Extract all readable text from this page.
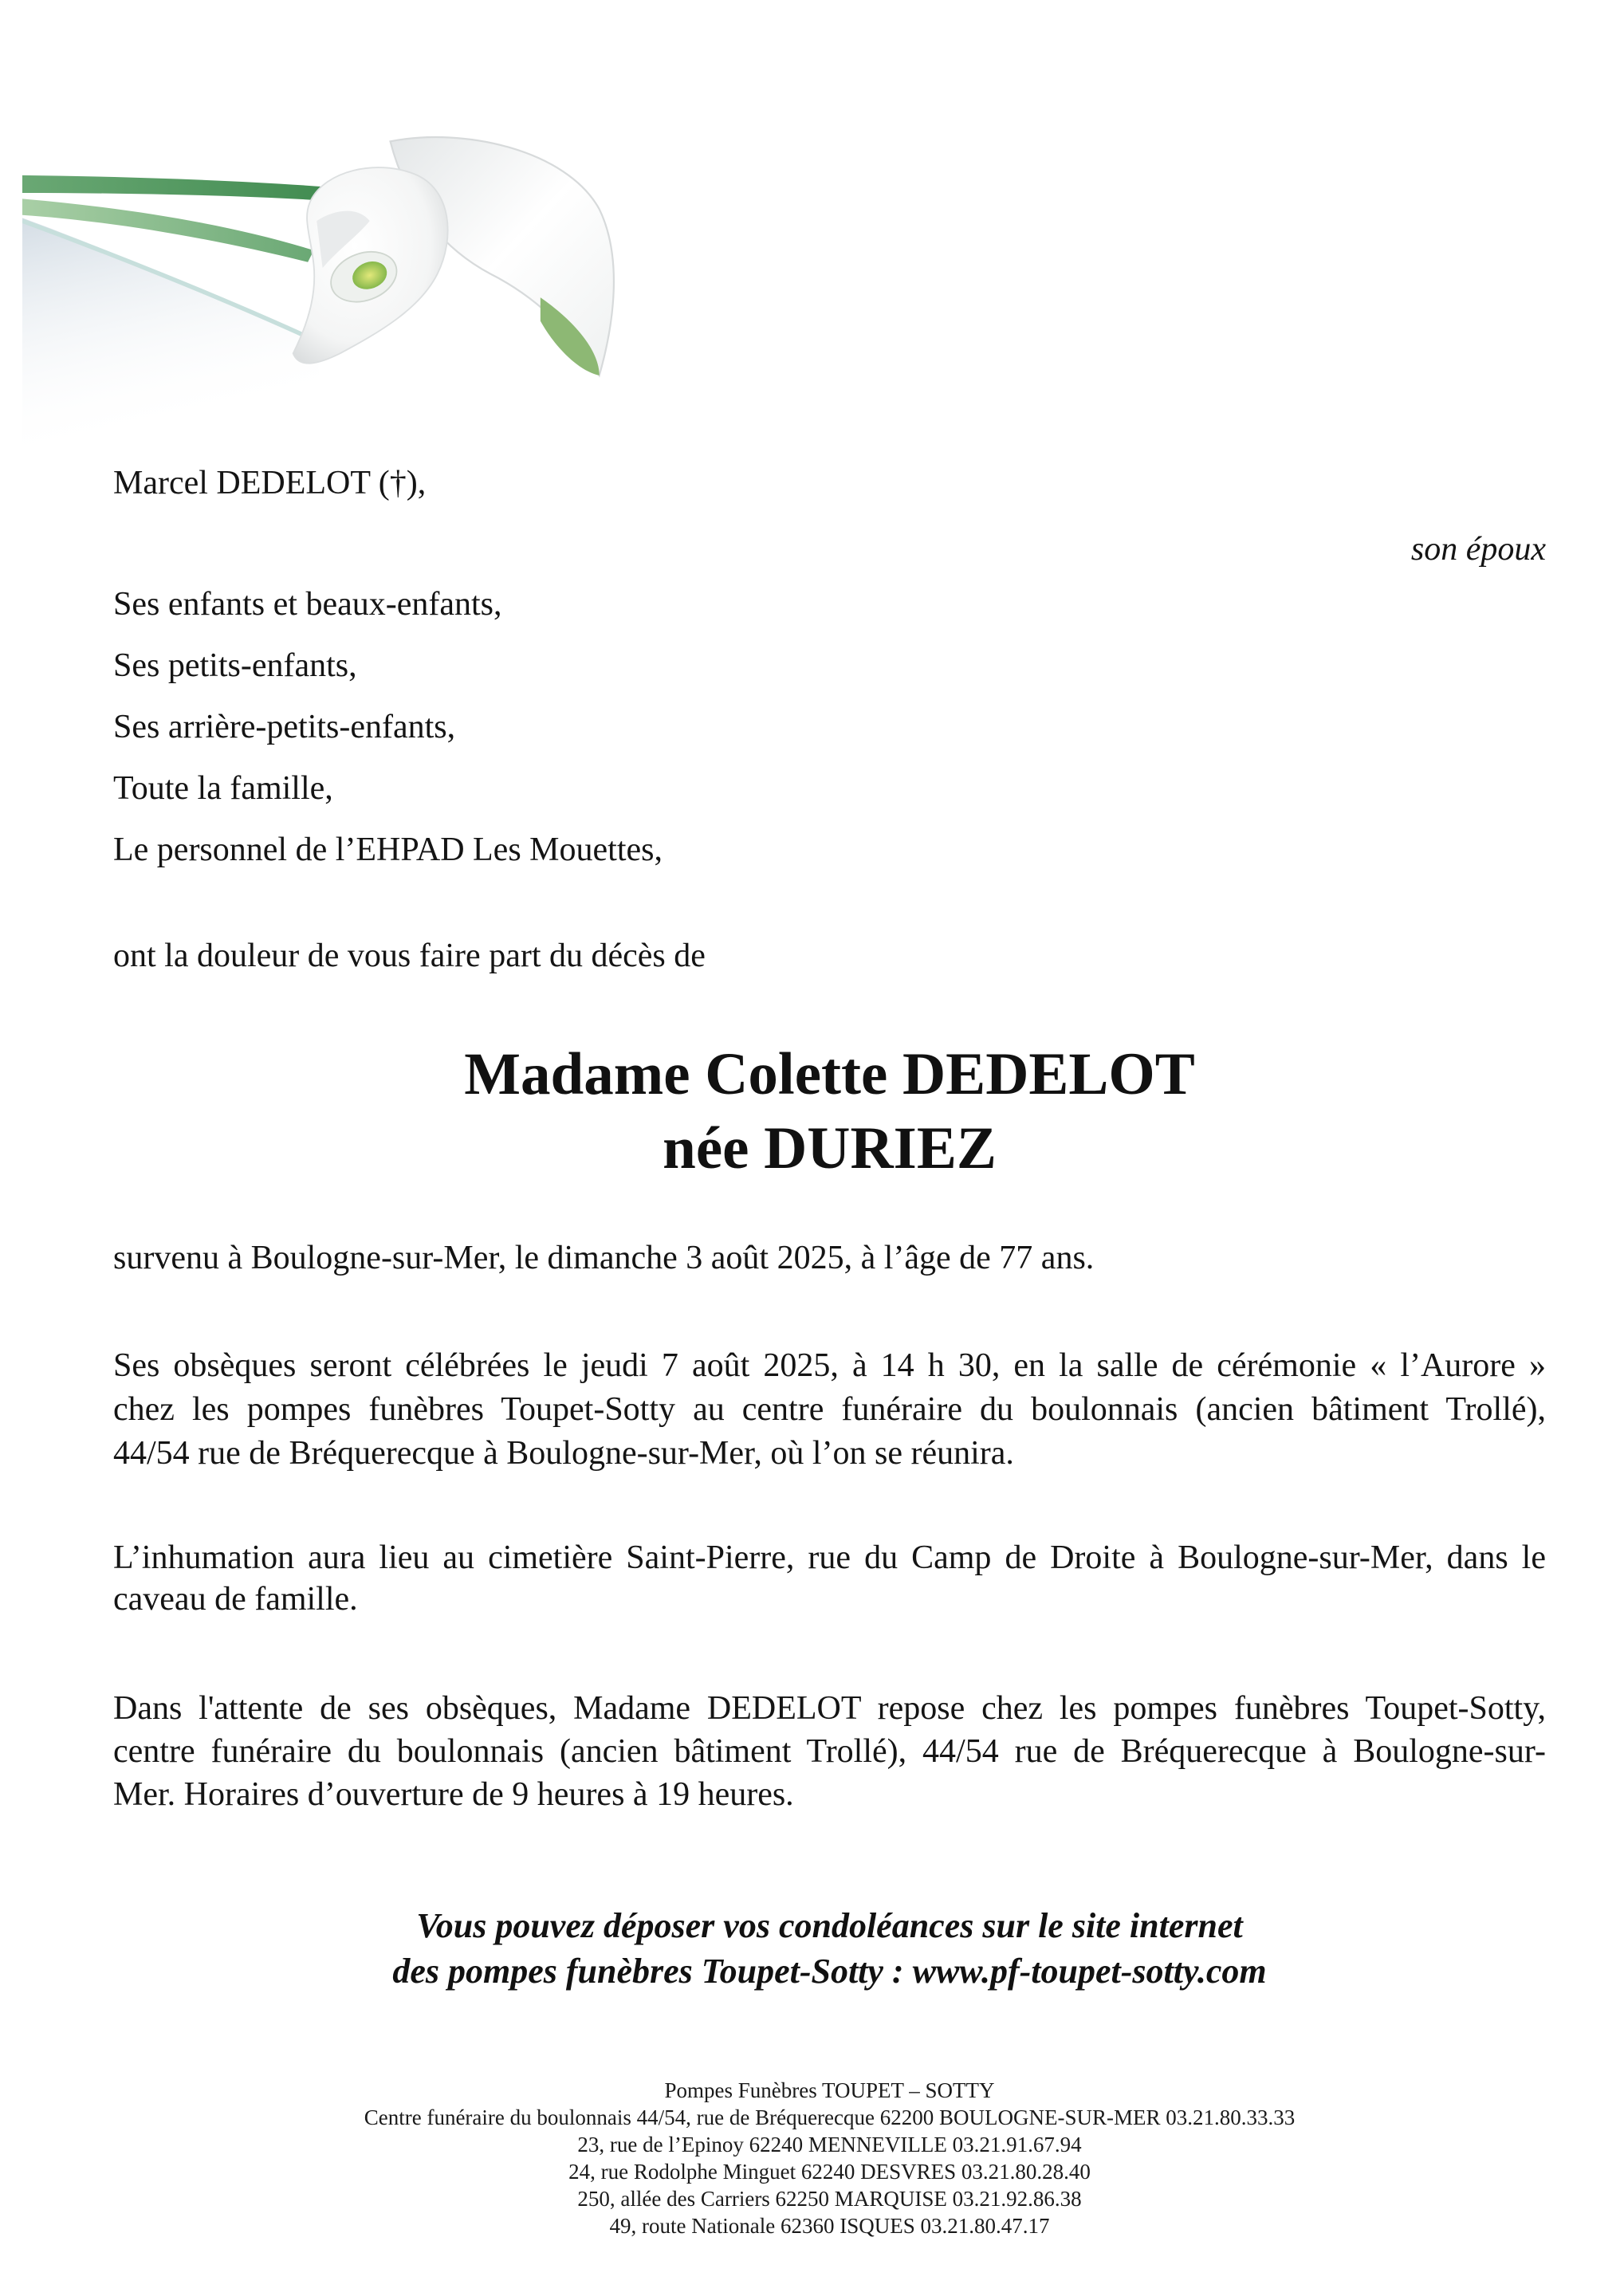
Marcel DEDELOT (†),
son époux
Ses enfants et beaux-enfants,
Ses petits-enfants,
Ses arrière-petits-enfants,
Toute la famille,
Le personnel de l’EHPAD Les Mouettes,
ont la douleur de vous faire part du décès de
Madame Colette DEDELOT
née DURIEZ
survenu à Boulogne-sur-Mer, le dimanche 3 août 2025, à l’âge de 77 ans.
Ses obsèques seront célébrées le jeudi 7 août 2025, à 14 h 30, en la salle de cérémonie « l’Aurore »
chez les pompes funèbres Toupet-Sotty au centre funéraire du boulonnais (ancien bâtiment Trollé),
44/54 rue de Bréquerecque à Boulogne-sur-Mer, où l’on se réunira.
L’inhumation aura lieu au cimetière Saint-Pierre, rue du Camp de Droite à Boulogne-sur-Mer, dans le
caveau de famille.
Dans l'attente de ses obsèques, Madame DEDELOT repose chez les pompes funèbres Toupet-Sotty,
centre funéraire du boulonnais (ancien bâtiment Trollé), 44/54 rue de Bréquerecque à Boulogne-sur-
Mer. Horaires d’ouverture de 9 heures à 19 heures.
Vous pouvez déposer vos condoléances sur le site internet
des pompes funèbres Toupet-Sotty : www.pf-toupet-sotty.com
Pompes Funèbres TOUPET – SOTTY
Centre funéraire du boulonnais 44/54, rue de Bréquerecque 62200 BOULOGNE-SUR-MER 03.21.80.33.33
23, rue de l’Epinoy 62240 MENNEVILLE 03.21.91.67.94
24, rue Rodolphe Minguet 62240 DESVRES 03.21.80.28.40
250, allée des Carriers 62250 MARQUISE 03.21.92.86.38
49, route Nationale 62360 ISQUES 03.21.80.47.17
